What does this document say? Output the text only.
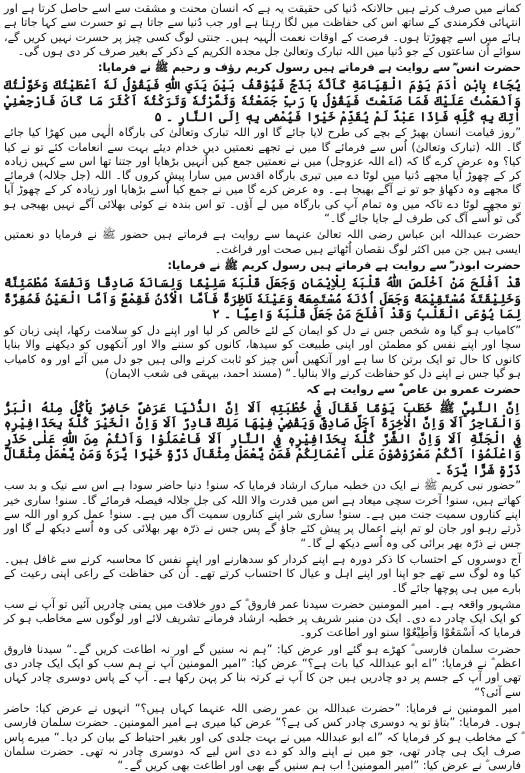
کمانے میں صرف کرتے ہیں حالانکہ دُنیا کی حقیقت یہ ہے کہ انسان محنت و مشقت سے اسے حاصل کرتا ہے اور انتہائی فکرمندی کے ساتھ اس کی حفاظت میں لگا رہتا ہے اور جب دُنیا سے جاتا ہے تو حسرت سے کہا جاتا ہے ہائے میں اسے چھوڑتا ہوں۔ فرصت کے اوقات نعمت الٰہیہ ہیں۔ جنتی لوگ کسی چیز پر حسرت نہیں کریں گے، سوائے اُن ساعتوں کے جو دُنیا میں اللہ تبارک وتعالیٰ جل مجدہ الکریم کے ذکر کے بغیر صرف کر دی ہوں گی۔

حضرت انس ؓ سے روایت ہے فرماتے ہیں رسول کریم رؤف و رحیم ﷺ نے فرمایا:

يُجَاءُ بِابْنِ اٰدَمَ يَوْمَ الْقِيَامَةِ كَاَنَّهٗ بَذَجٌ فَيُوْقَفُ بَيْنَ يَدَيِ اللّٰهِ فَيَقُوْلُ لَهٗ اَعْطَيْتُكَ وَخَوَّلْتُكَ وَاَنْعَمْتُ عَلَيْكَ فَمَا صَنَعْتَ فَيَقُوْلُ يَا رَبِّ جَمَعْتُهٗ وَثَمَّرْتُهٗ وَتَرَكْتُهٗ اَكْثَرَ مَا كَانَ فَارْجِعْنِيْ اٰتِكَ بِهٖ كُلِّهٖ فَاِذَا عَبْدٌ لَمْ يُقَدِّمْ خَيْرًا فَيُمْضٰى بِهٖ اِلَى النَّارِ ۔ ۵

”روز قیامت انسان بھیڑ کے بچے کی طرح لایا جائے گا اور اللہ تبارک وتعالیٰ کی بارگاہ الٰہی میں کھڑا کیا جائے گا۔ اللہ (تبارک وتعالیٰ) اُس سے فرمائے گا میں نے تجھے نعمتیں دیں خدام دیئے بہت سے انعامات کئے تو نے کیا کیا؟ وہ عرض کرے گا کہ (اے اللہ عزوجل) میں نے نعمتیں جمع کیں اُنہیں بڑھایا اور جتنا تھا اس سے کہیں زیادہ کر کے چھوڑ آیا مجھے دُنیا میں لوٹا دے میں تیری بارگاہ اقدس میں سارا پیش کروں گا۔ اللہ (جل جلالہ) فرمائے گا مجھے وہ دکھاؤ جو تو نے آگے بھیجا ہے۔ وہ عرض کرے گا میں نے جمع کیا اُسے بڑھایا اور زیادہ کر کے چھوڑ آیا تو مجھے لوٹا دے تاکہ میں وہ تمام آپ کی بارگاہ میں لے آؤں۔ تو اس بندہ نے کوئی بھلائی آگے نہیں بھیجی ہو گی تو اُسے آگ کی طرف لے جایا جائے گا۔“

حضرت عبداللہ ابن عباس رضی اللہ تعالیٰ عنہما سے روایت ہے فرماتے ہیں حضور ﷺ نے فرمایا دو نعمتیں ایسی ہیں جن میں اکثر لوگ نقصان اُٹھاتے ہیں صحت اور فراغت۔

حضرت ابوذر ؓ سے روایت ہے فرماتے ہیں رسول کریم ﷺ نے فرمایا:

قَدْ اَفْلَحَ مَنْ اَخْلَصَ اللّٰهُ قَلْبَهٗ لِلْاِيْمَانِ وَجَعَلَ قَلْبَهٗ سَلِيْمًا وَلِسَانَهٗ صَادِقًا وَنَفْسَهٗ مُطْمَئِنَّةً وَخَلِيْقَتَهٗ مُسْتَقِيْمَةً وَجَعَلَ اُذُنَهٗ مُسْتَمِعَةً وَعَيْنَهٗ نَاظِرَةً فَاَمَّا الْاُذُنُ فَقِمْعٌ وَاَمَّا الْعَيْنُ فَمُقِرَّةٌ لِمَا يُوْعَى الْقَلْبُ وَقَدْ اَفْلَحَ مَنْ جَعَلَ قَلْبَهٗ وَاعِيًا ۔ ۲

”کامیاب ہو گیا وہ شخص جس نے دل کو ایمان کے لئے خالص کر لیا اور اپنے دل کو سلامت رکھا، اپنی زبان کو سچا اور اپنے نفس کو مطمئن اور اپنی طبیعت کو سیدھا، کانوں کو سننے والا اور آنکھوں کو دیکھنے والا بنایا کانوں کا حال تو ایک برتن کا سا ہے اور آنکھیں اُس چیز کو ثابت کرنے والی ہیں جو دل میں آئے اور وہ کامیاب ہو گیا جس نے اپنے دل کو حفاظت کرنے والا بنالیا۔“ (مسند احمد، بیہقی فی شعب الایمان)

حضرت عمرو بن عاص ؓ سے روایت ہے کہ

اِنَّ النَّبِيَّ ﷺ خَطَبَ يَوْمًا فَقَالَ فِيْ خُطْبَتِهٖ اَلَا اِنَّ الدُّنْيَا عَرَضٌ حَاضِرٌ يَاْكُلُ مِنْهُ الْبَرُّ وَالْفَاجِرُ اَلَا وَاِنَّ الْاٰخِرَةَ اَجَلٌ صَادِقٌ وَيَقْضِيْ فِيْهَا مَلِكٌ قَادِرٌ اَلَا وَاِنَّ الْخَيْرَ كُلَّهٗ بِحَذَافِيْرِهٖ فِي الْجَنَّةِ اَلَا وَاِنَّ الشَّرَّ كُلَّهٗ بِحَذَافِيْرِهٖ فِي النَّارِ اَلَا فَاعْمَلُوْا وَاَنْتُمْ مِنَ اللّٰهِ عَلٰى حَذَرٍ وَاعْلَمُوْا اَنَّكُمْ مَعْرُوْضُوْنَ عَلٰى اَعْمَالِكُمْ فَمَنْ يَّعْمَلْ مِثْقَالَ ذَرَّةٍ خَيْرًا يَّرَهٗ وَمَنْ يَّعْمَلْ مِثْقَالَ ذَرَّةٍ شَرًّا يَّرَهٗ ۔

”حضور نبی کریم ﷺ نے ایک دن خطبہ مبارک ارشاد فرمایا کہ سنو! دنیا حاضر سودا ہے اس سے نیک و بد سب کھاتے ہیں، سنو! آخرت سچی میعاد ہے اس میں قدرت والا اللہ کی جل جلالہ فیصلہ فرمائے گا۔ سنو! ساری خیر اپنے کناروں سمیت جنت میں ہے۔ سنو! ساری شر اپنے کناروں سمیت آگ میں ہے۔ سنو! عمل کرو اور اللہ سے ڈرتے رہو اور جان لو تم اپنے اعمال پر پیش کئے جاؤ گے پس جس نے ذرّہ بھر بھلائی کی وہ اُسے دیکھ لے گا اور جس نے ذرّہ بھر برائی کی وہ اُسے دیکھ لے گا۔“

آج دوسروں کے احتساب کا ذکر دورہ ہے اپنے کردار کو سدھارنے اور اپنے نفس کا محاسبہ کرنے سے غافل ہیں۔ کیا وہ لوگ سے تھے جو اپنا اور اپنے اہل و عیال کا احتساب کرتے تھے۔ اُن کی حفاظت کے راعی اپنی رعیت کے بارے میں ہی پوچھا جائے گا۔

مشہور واقعہ ہے۔ امیر المومنین حضرت سیدنا عمر فاروق ؓ کے دورِ خلافت میں یمنی چادریں آئیں تو آپ نے سب کو ایک ایک چادر دے دی۔ ایک دن منبر شریف پر خطبہ ارشاد فرمانے تشریف لائے اور لوگوں سے مخاطب ہو کر فرمایا کہ اَسْمَعُوْا وَاَطِيْعُوْا سنو اور اطاعت کرو۔

حضرت سلمان فارسی ؓ کھڑے ہو گئے اور عرض کیا: ”ہم نہ سنیں گے اور نہ اطاعت کریں گے۔“ سیدنا فاروق اعظم ؓ نے فرمایا: ”اے ابو عبداللہ کیا بات ہے؟“ عرض کیا: ”امیر المومنین آپ نے ہم سب کو ایک ایک چادر دی تھی اور آپ کے جسم پر دو چادریں ہیں جن کا آپ نے کرتہ بنا کر پہن رکھا ہے۔ آپ کے پاس دوسری چادر کہاں سے آئی؟“

امیر المومنین نے فرمایا: ”حضرت عبداللہ بن عمر رضی اللہ عنہما کہاں ہیں؟“ انہوں نے عرض کیا: حاضر ہوں۔ فرمایا: ”بتاؤ تو یہ دوسری چادر کس کی ہے؟“ عرض کیا میری ہے امیر المومنین۔ حضرت سلمان فارسی ؓ کے مخاطب ہو کر فرمایا کہ ”اے ابو عبداللہ میں نے بہت جلدی کی اور بغیر احتیاط کے بیان کر دیا۔“ میرے پاس صرف ایک ہی چادر تھی، جو میں نے اپنے والد کو دے دی اس لیے کہ دوسری چادر نہ تھی۔ حضرت سلمان فارسی ؓ نے عرض کیا: ”امیر المومنین! اب ہم سنیں گے بھی اور اطاعت بھی کریں گے۔“
